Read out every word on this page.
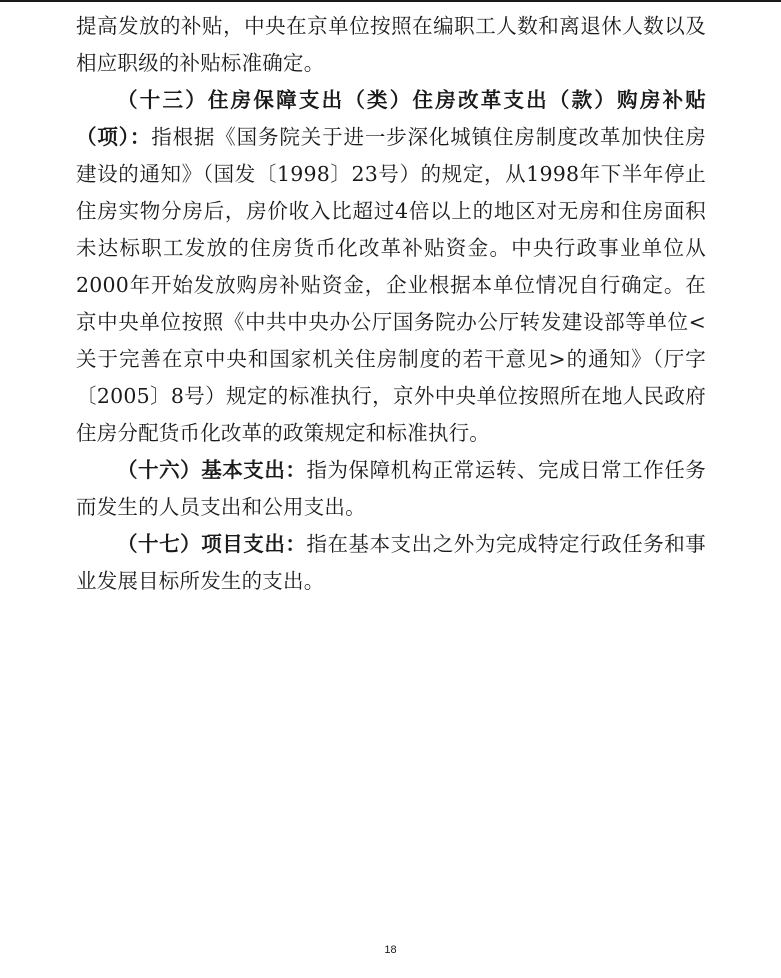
提高发放的补贴，中央在京单位按照在编职工人数和离退休人数以及相应职级的补贴标准确定。

（十三）住房保障支出（类）住房改革支出（款）购房补贴（项）：指根据《国务院关于进一步深化城镇住房制度改革加快住房建设的通知》（国发〔1998〕23号）的规定，从1998年下半年停止住房实物分房后，房价收入比超过4倍以上的地区对无房和住房面积未达标职工发放的住房货币化改革补贴资金。中央行政事业单位从2000年开始发放购房补贴资金，企业根据本单位情况自行确定。在京中央单位按照《中共中央办公厅国务院办公厅转发建设部等单位<关于完善在京中央和国家机关住房制度的若干意见>的通知》（厅字〔2005〕8号）规定的标准执行，京外中央单位按照所在地人民政府住房分配货币化改革的政策规定和标准执行。

（十六）基本支出：指为保障机构正常运转、完成日常工作任务而发生的人员支出和公用支出。

（十七）项目支出：指在基本支出之外为完成特定行政任务和事业发展目标所发生的支出。

18
